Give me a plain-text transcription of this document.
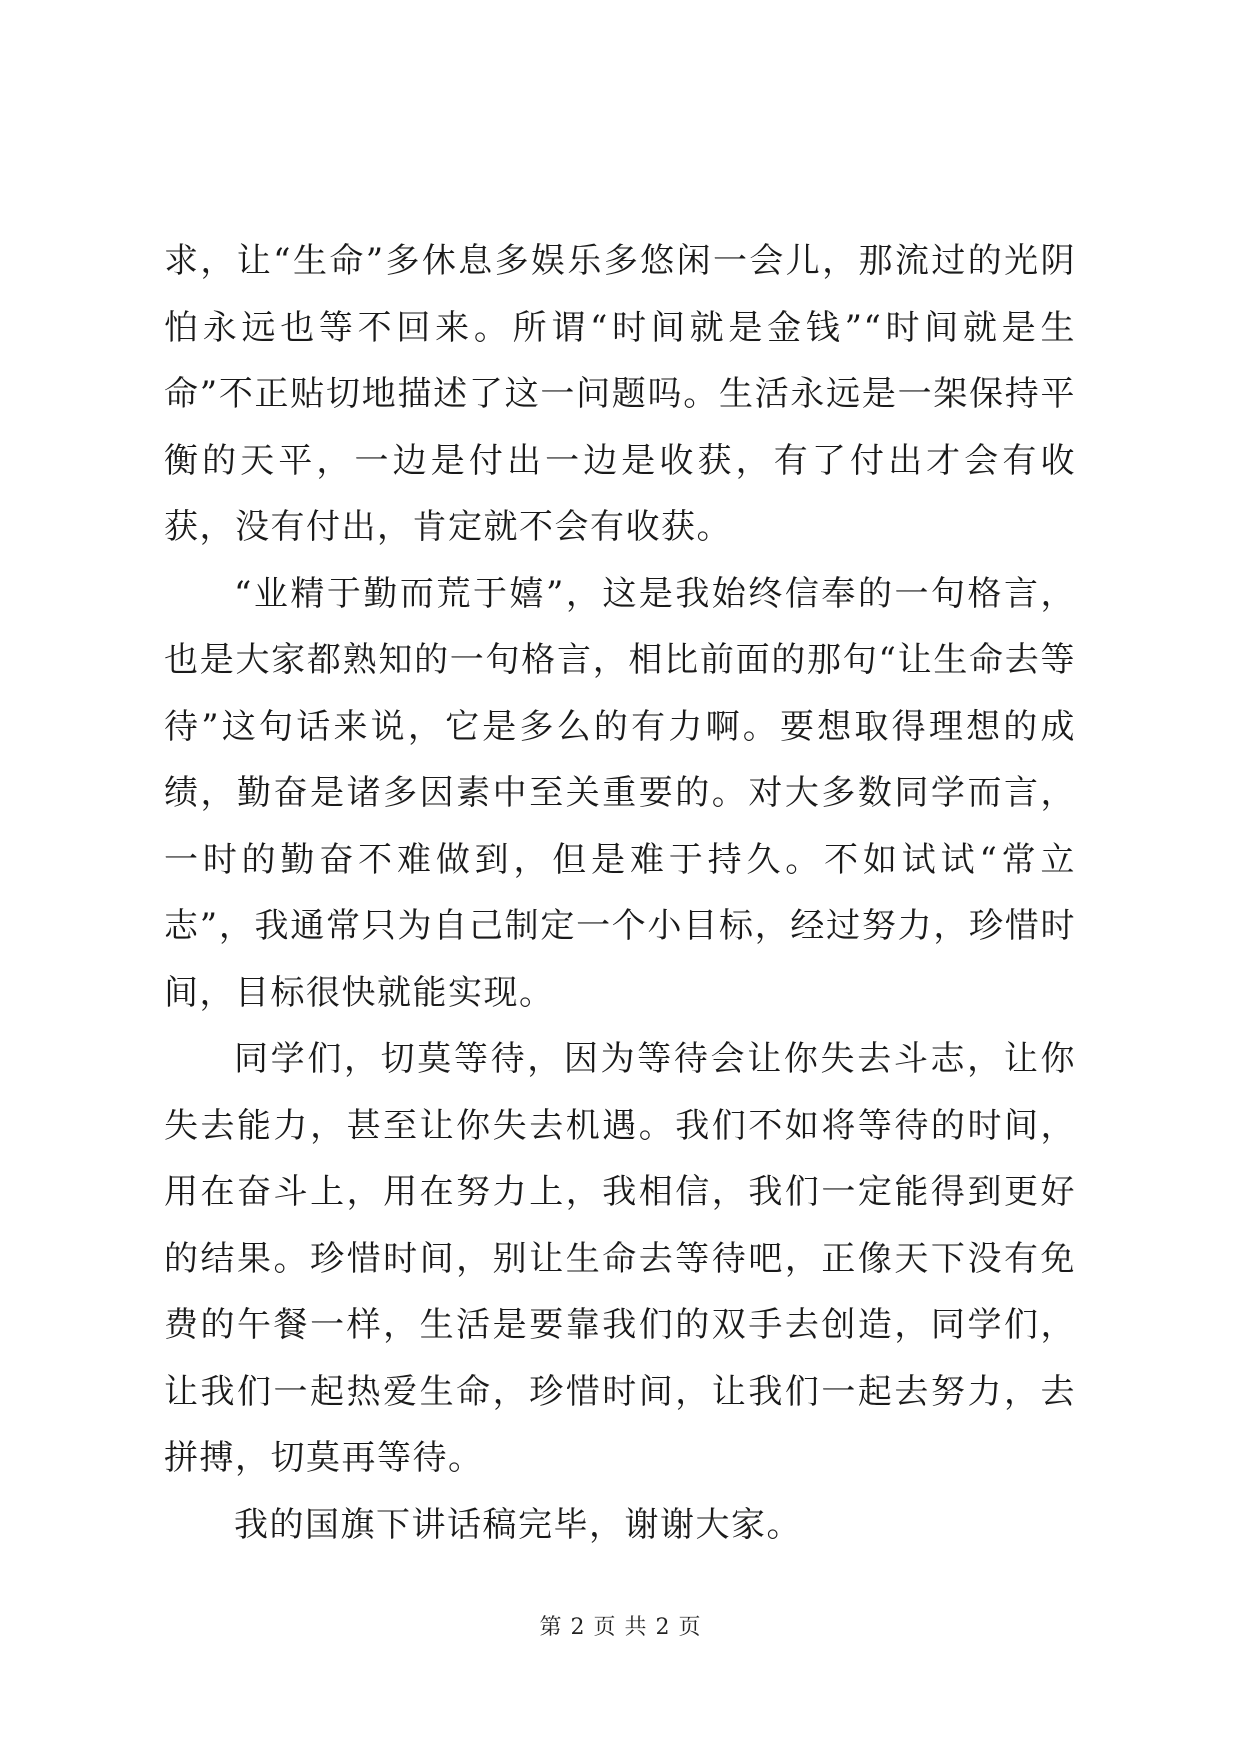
求，让“生命”多休息多娱乐多悠闲一会儿，那流过的光阴怕永远也等不回来。所谓“时间就是金钱”“时间就是生命”不正贴切地描述了这一问题吗。生活永远是一架保持平衡的天平，一边是付出一边是收获，有了付出才会有收获，没有付出，肯定就不会有收获。

“业精于勤而荒于嬉”，这是我始终信奉的一句格言，也是大家都熟知的一句格言，相比前面的那句“让生命去等待”这句话来说，它是多么的有力啊。要想取得理想的成绩，勤奋是诸多因素中至关重要的。对大多数同学而言，一时的勤奋不难做到，但是难于持久。不如试试“常立志”，我通常只为自己制定一个小目标，经过努力，珍惜时间，目标很快就能实现。

同学们，切莫等待，因为等待会让你失去斗志，让你失去能力，甚至让你失去机遇。我们不如将等待的时间，用在奋斗上，用在努力上，我相信，我们一定能得到更好的结果。珍惜时间，别让生命去等待吧，正像天下没有免费的午餐一样，生活是要靠我们的双手去创造，同学们，让我们一起热爱生命，珍惜时间，让我们一起去努力，去拼搏，切莫再等待。

我的国旗下讲话稿完毕，谢谢大家。

第 2 页 共 2 页
